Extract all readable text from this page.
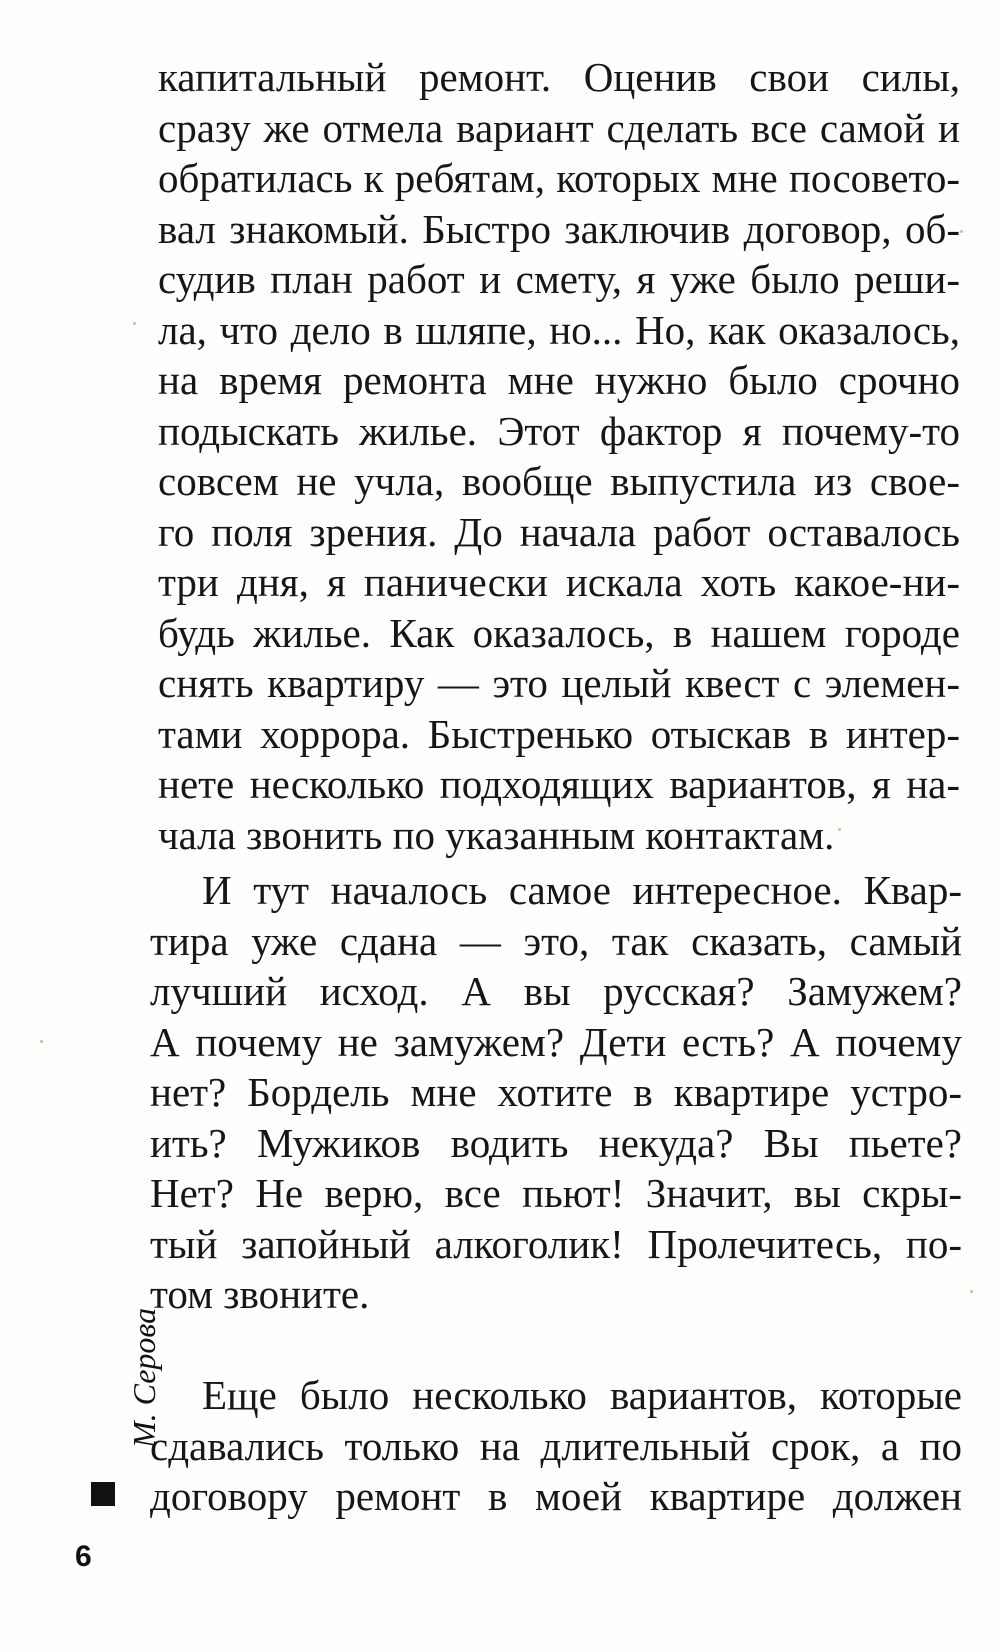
капитальный ремонт. Оценив свои силы,
сразу же отмела вариант сделать все самой и
обратилась к ребятам, которых мне посовето-
вал знакомый. Быстро заключив договор, об-
судив план работ и смету, я уже было реши-
ла, что дело в шляпе, но... Но, как оказалось,
на время ремонта мне нужно было срочно
подыскать жилье. Этот фактор я почему-то
совсем не учла, вообще выпустила из свое-
го поля зрения. До начала работ оставалось
три дня, я панически искала хоть какое-ни-
будь жилье. Как оказалось, в нашем городе
снять квартиру — это целый квест с элемен-
тами хоррора. Быстренько отыскав в интер-
нете несколько подходящих вариантов, я на-
чала звонить по указанным контактам.
И тут началось самое интересное. Квар-
тира уже сдана — это, так сказать, самый
лучший исход. А вы русская? Замужем?
А почему не замужем? Дети есть? А почему
нет? Бордель мне хотите в квартире устро-
ить? Мужиков водить некуда? Вы пьете?
Нет? Не верю, все пьют! Значит, вы скры-
тый запойный алкоголик! Пролечитесь, по-
том звоните.
Еще было несколько вариантов, которые
сдавались только на длительный срок, а по
договору ремонт в моей квартире должен
М. Серова
6
